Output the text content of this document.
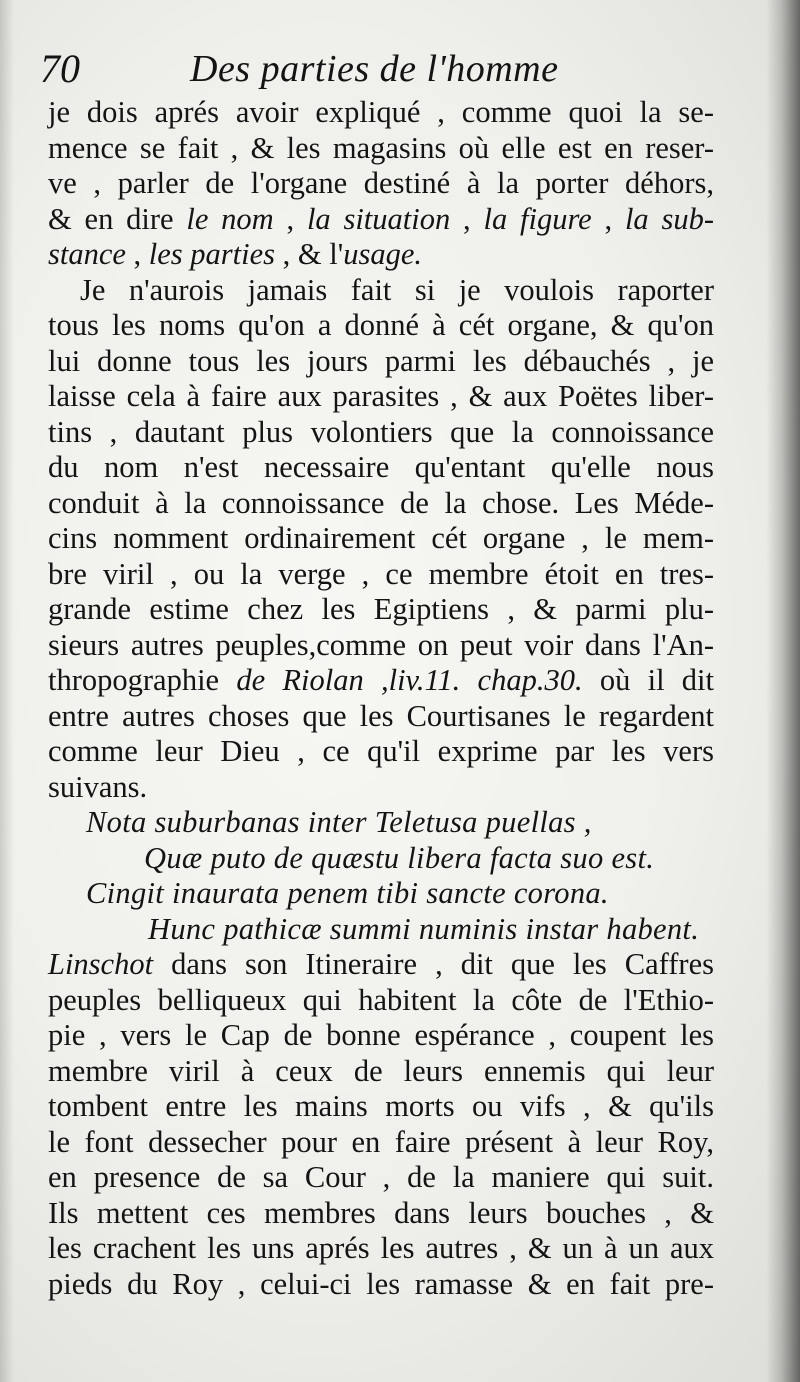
70	Des parties de l'homme
je dois aprés avoir expliqué , comme quoi la se-
mence se fait , & les magasins où elle est en reser-
ve , parler de l'organe destiné à la porter déhors,
& en dire le nom , la situation , la figure , la sub-
stance , les parties , & l'usage.
Je n'aurois jamais fait si je voulois raporter
tous les noms qu'on a donné à cét organe, & qu'on
lui donne tous les jours parmi les débauchés , je
laisse cela à faire aux parasites , & aux Poëtes liber-
tins , dautant plus volontiers que la connoissance
du nom n'est necessaire qu'entant qu'elle nous
conduit à la connoissance de la chose. Les Méde-
cins nomment ordinairement cét organe , le mem-
bre viril , ou la verge , ce membre étoit en tres-
grande estime chez les Egiptiens , & parmi plu-
sieurs autres peuples,comme on peut voir dans l'An-
thropographie de Riolan ,liv.11. chap.30. où il dit
entre autres choses que les Courtisanes le regardent
comme leur Dieu , ce qu'il exprime par les vers
suivans.
Nota suburbanas inter Teletusa puellas ,
Quæ puto de quæstu libera facta suo est.
Cingit inaurata penem tibi sancte corona.
Hunc pathicæ summi numinis instar habent.
Linschot dans son Itineraire , dit que les Caffres
peuples belliqueux qui habitent la côte de l'Ethio-
pie , vers le Cap de bonne espérance , coupent les
membre viril à ceux de leurs ennemis qui leur
tombent entre les mains morts ou vifs , & qu'ils
le font dessecher pour en faire présent à leur Roy,
en presence de sa Cour , de la maniere qui suit.
Ils mettent ces membres dans leurs bouches , &
les crachent les uns aprés les autres , & un à un aux
pieds du Roy , celui-ci les ramasse & en fait pre-
